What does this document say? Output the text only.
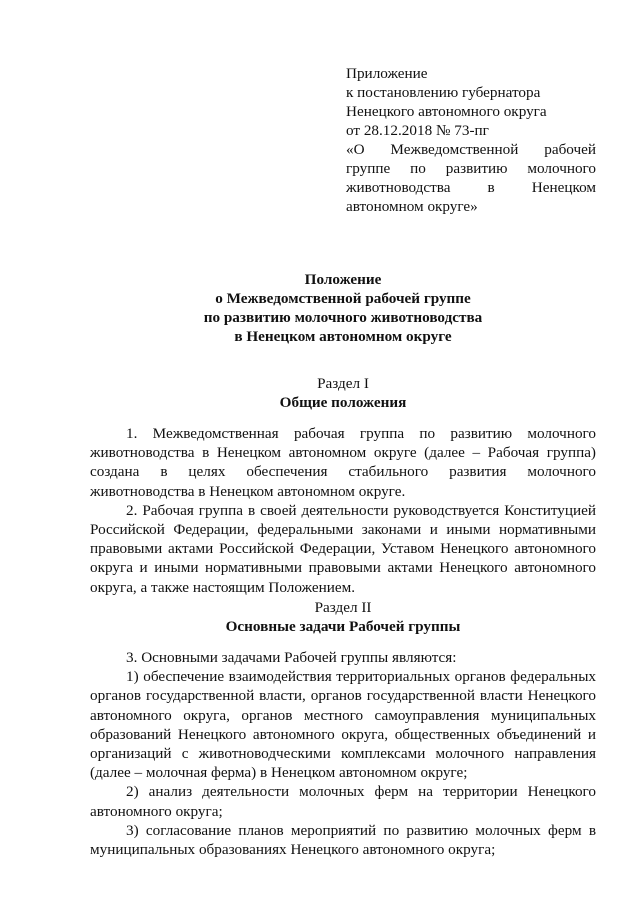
Приложение
к постановлению губернатора
Ненецкого автономного округа
от 28.12.2018 № 73-пг
«О Межведомственной рабочей группе по развитию молочного животноводства в Ненецком автономном округе»
Положение
о Межведомственной рабочей группе
по развитию молочного животноводства
в Ненецком автономном округе
Раздел I
Общие положения

1. Межведомственная рабочая группа по развитию молочного животноводства в Ненецком автономном округе (далее – Рабочая группа) создана в целях обеспечения стабильного развития молочного животноводства в Ненецком автономном округе.

2. Рабочая группа в своей деятельности руководствуется Конституцией Российской Федерации, федеральными законами и иными нормативными правовыми актами Российской Федерации, Уставом Ненецкого автономного округа и иными нормативными правовыми актами Ненецкого автономного округа, а также настоящим Положением.

Раздел II
Основные задачи Рабочей группы

3. Основными задачами Рабочей группы являются:

1) обеспечение взаимодействия территориальных органов федеральных органов государственной власти, органов государственной власти Ненецкого автономного округа, органов местного самоуправления муниципальных образований Ненецкого автономного округа, общественных объединений и организаций с животноводческими комплексами молочного направления (далее – молочная ферма) в Ненецком автономном округе;

2) анализ деятельности молочных ферм на территории Ненецкого автономного округа;

3) согласование планов мероприятий по развитию молочных ферм в муниципальных образованиях Ненецкого автономного округа;
